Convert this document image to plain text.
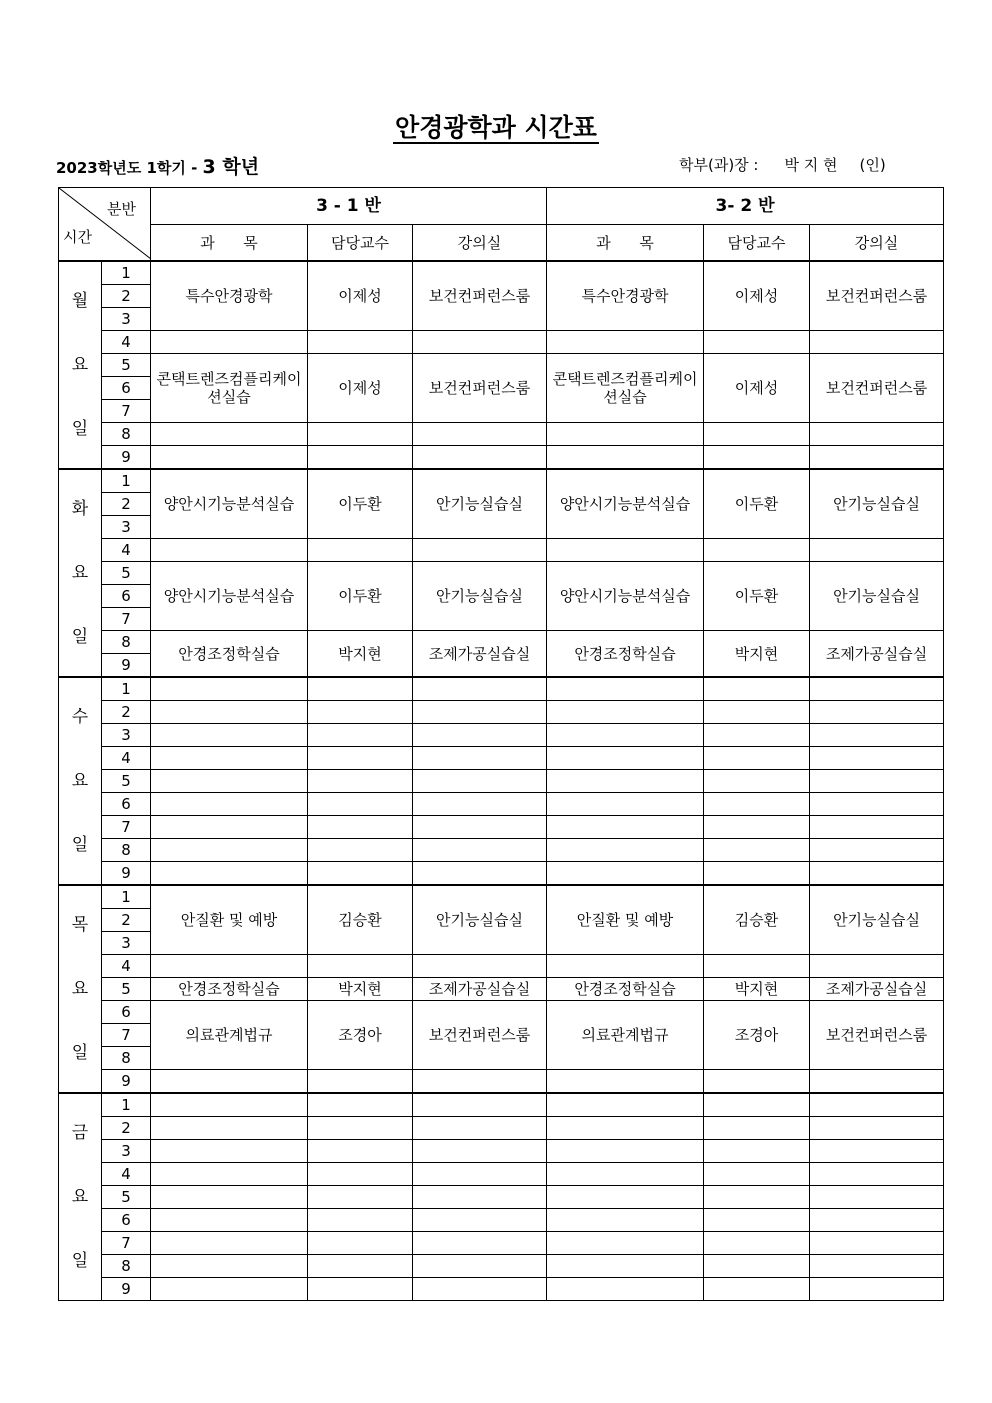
안경광학과 시간표
2023학년도 1학기 - 3 학년	학부(과)장 : 박 지 현 (인)
분반
시간		3 - 1 반			3- 2 반		
		과      목	담당교수	강의실	과      목	담당교수	강의실

월
요
일	1	특수안경광학	이제성	보건컨퍼런스룸	특수안경광학	이제성	보건컨퍼런스룸
	2						
	3						
	4						
	5	콘택트렌즈컴플리케이션실습	이제성	보건컨퍼런스룸	콘택트렌즈컴플리케이션실습	이제성	보건컨퍼런스룸
	6						
	7						
	8						
	9						

화
요
일	1	양안시기능분석실습	이두환	안기능실습실	양안시기능분석실습	이두환	안기능실습실
	2						
	3						
	4						
	5	양안시기능분석실습	이두환	안기능실습실	양안시기능분석실습	이두환	안기능실습실
	6						
	7						
	8	안경조정학실습	박지현	조제가공실습실	안경조정학실습	박지현	조제가공실습실
	9						

수
요
일	1						
	2						
	3						
	4						
	5						
	6						
	7						
	8						
	9						

목
요
일	1	안질환 및 예방	김승환	안기능실습실	안질환 및 예방	김승환	안기능실습실
	2						
	3						
	4						
	5	안경조정학실습	박지현	조제가공실습실	안경조정학실습	박지현	조제가공실습실
	6	의료관계법규	조경아	보건컨퍼런스룸	의료관계법규	조경아	보건컨퍼런스룸
	7						
	8						
	9						

금
요
일	1						
	2						
	3						
	4						
	5						
	6						
	7						
	8						
	9						
